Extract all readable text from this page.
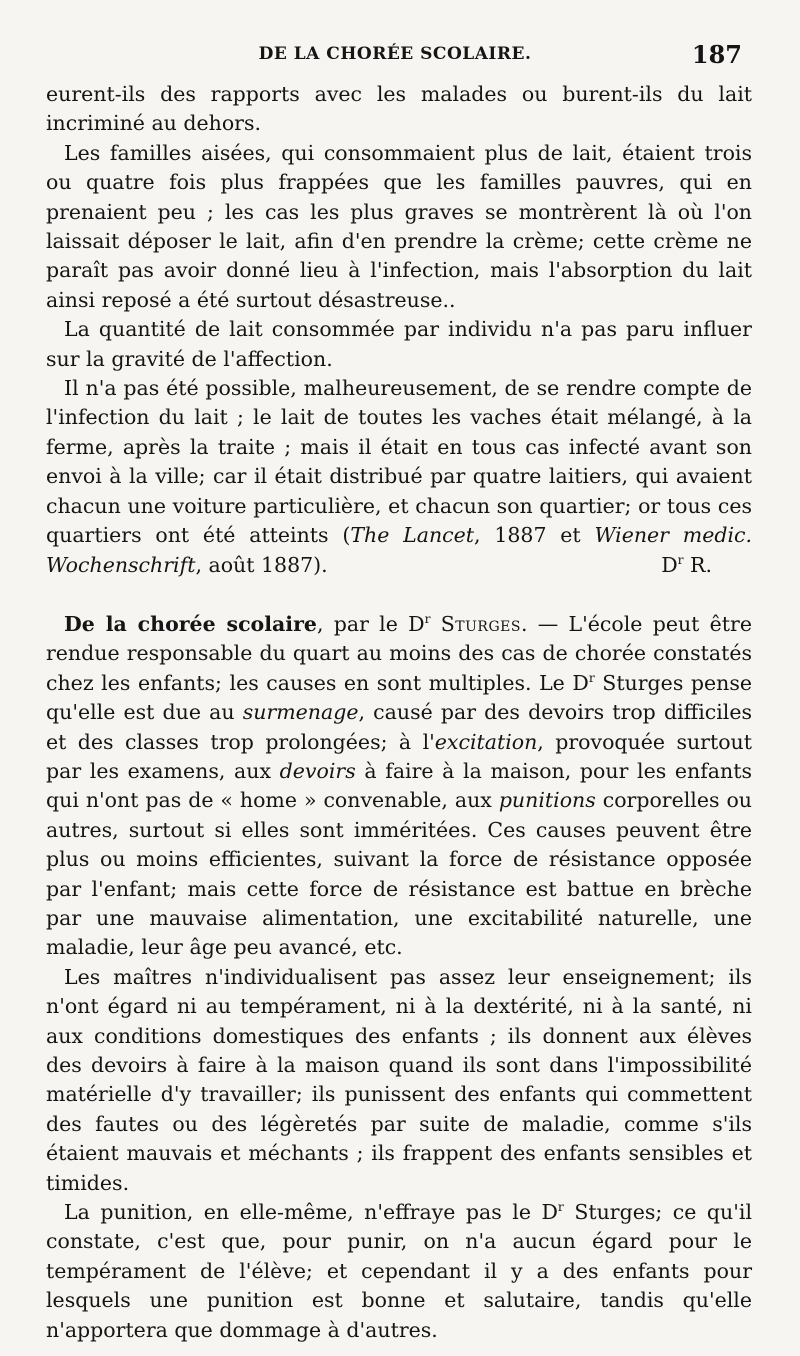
DE LA CHORÉE SCOLAIRE.	187

eurent-ils des rapports avec les malades ou burent-ils du lait incriminé au dehors.

Les familles aisées, qui consommaient plus de lait, étaient trois ou quatre fois plus frappées que les familles pauvres, qui en prenaient peu ; les cas les plus graves se montrèrent là où l'on laissait déposer le lait, afin d'en prendre la crème; cette crème ne paraît pas avoir donné lieu à l'infection, mais l'absorption du lait ainsi reposé a été surtout désastreuse..

La quantité de lait consommée par individu n'a pas paru influer sur la gravité de l'affection.

Il n'a pas été possible, malheureusement, de se rendre compte de l'infection du lait ; le lait de toutes les vaches était mélangé, à la ferme, après la traite ; mais il était en tous cas infecté avant son envoi à la ville; car il était distribué par quatre laitiers, qui avaient chacun une voiture particulière, et chacun son quartier; or tous ces quartiers ont été atteints (The Lancet, 1887 et Wiener medic. Wochenschrift, août 1887).	$D^r$ R.

De la chorée scolaire, par le $D^r$ Sturges. — L'école peut être rendue responsable du quart au moins des cas de chorée constatés chez les enfants; les causes en sont multiples. Le $D^r$ Sturges pense qu'elle est due au surmenage, causé par des devoirs trop difficiles et des classes trop prolongées; à l'excitation, provoquée surtout par les examens, aux devoirs à faire à la maison, pour les enfants qui n'ont pas de « home » convenable, aux punitions corporelles ou autres, surtout si elles sont imméritées. Ces causes peuvent être plus ou moins efficientes, suivant la force de résistance opposée par l'enfant; mais cette force de résistance est battue en brèche par une mauvaise alimentation, une excitabilité naturelle, une maladie, leur âge peu avancé, etc.

Les maîtres n'individualisent pas assez leur enseignement; ils n'ont égard ni au tempérament, ni à la dextérité, ni à la santé, ni aux conditions domestiques des enfants ; ils donnent aux élèves des devoirs à faire à la maison quand ils sont dans l'impossibilité matérielle d'y travailler; ils punissent des enfants qui commettent des fautes ou des légèretés par suite de maladie, comme s'ils étaient mauvais et méchants ; ils frappent des enfants sensibles et timides.

La punition, en elle-même, n'effraye pas le $D^r$ Sturges; ce qu'il constate, c'est que, pour punir, on n'a aucun égard pour le tempérament de l'élève; et cependant il y a des enfants pour lesquels une punition est bonne et salutaire, tandis qu'elle n'apportera que dommage à d'autres.
